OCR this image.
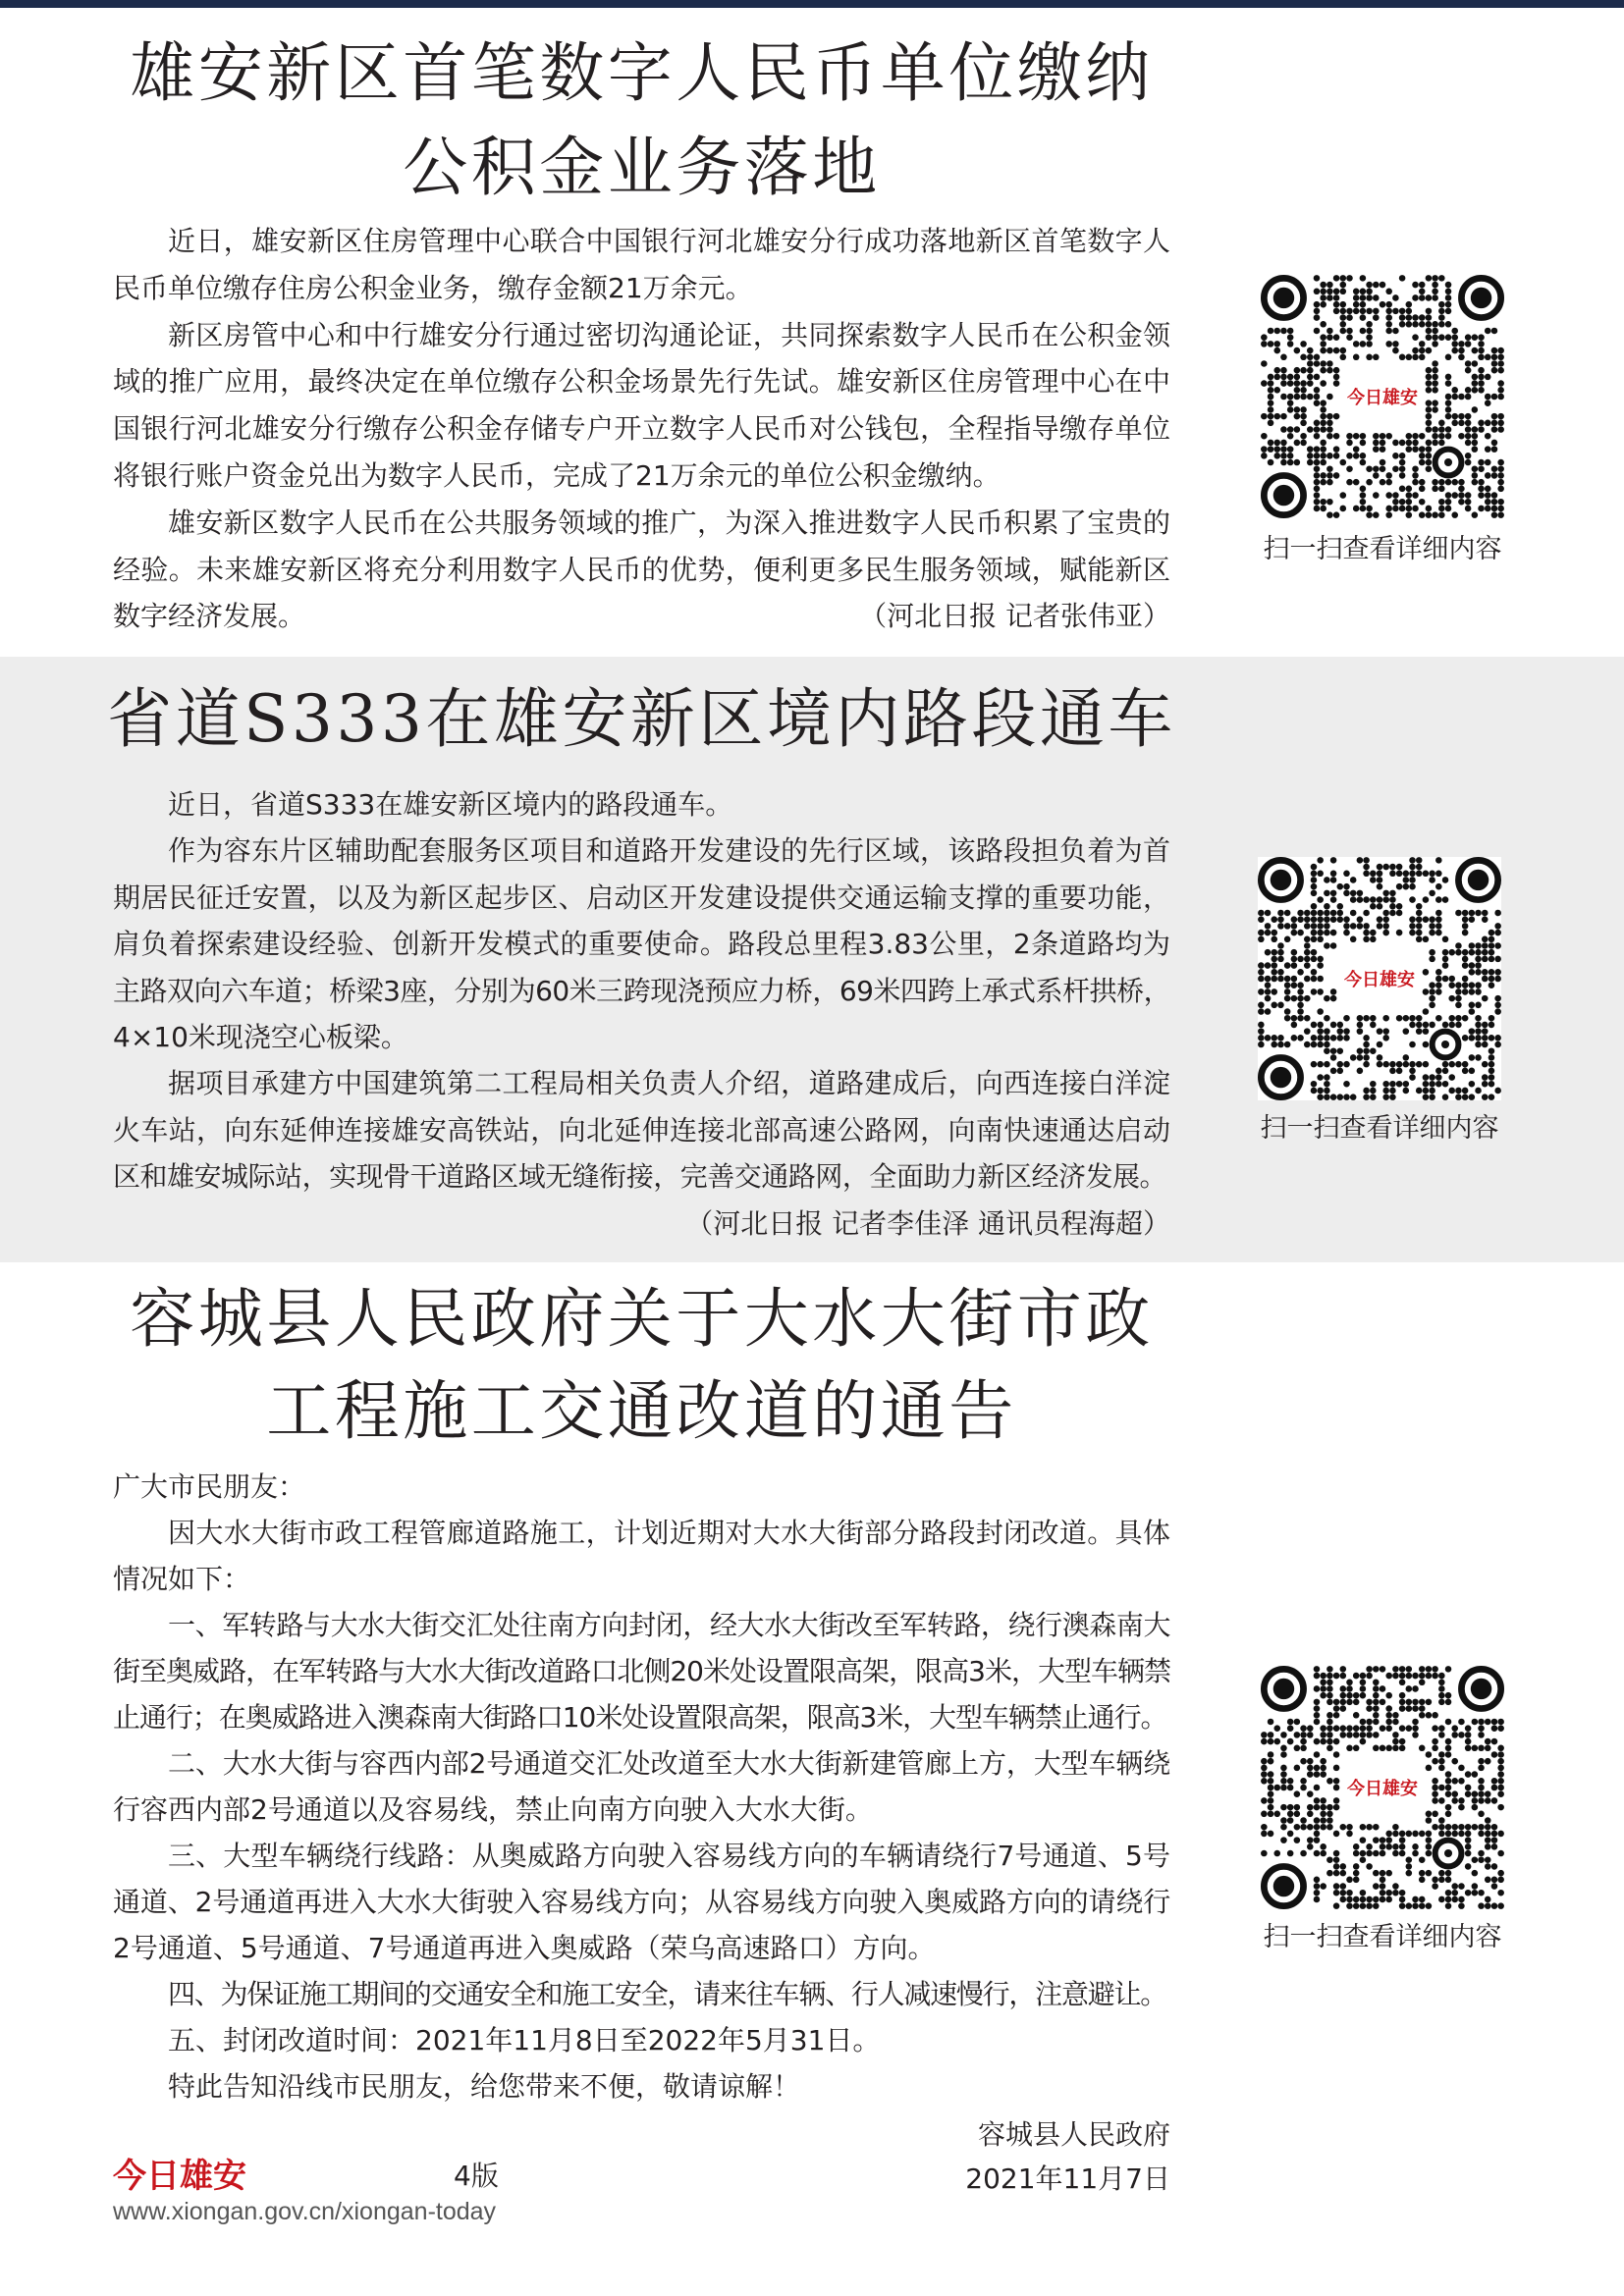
雄安新区首笔数字人民币单位缴纳
公积金业务落地
近日，雄安新区住房管理中心联合中国银行河北雄安分行成功落地新区首笔数字人
民币单位缴存住房公积金业务，缴存金额21万余元。
新区房管中心和中行雄安分行通过密切沟通论证，共同探索数字人民币在公积金领
域的推广应用，最终决定在单位缴存公积金场景先行先试。雄安新区住房管理中心在中
国银行河北雄安分行缴存公积金存储专户开立数字人民币对公钱包，全程指导缴存单位
将银行账户资金兑出为数字人民币，完成了21万余元的单位公积金缴纳。
雄安新区数字人民币在公共服务领域的推广，为深入推进数字人民币积累了宝贵的
经验。未来雄安新区将充分利用数字人民币的优势，便利更多民生服务领域，赋能新区
数字经济发展。	（河北日报 记者张伟亚）
今日雄安
扫一扫查看详细内容
省道S333在雄安新区境内路段通车
近日，省道S333在雄安新区境内的路段通车。
作为容东片区辅助配套服务区项目和道路开发建设的先行区域，该路段担负着为首
期居民征迁安置，以及为新区起步区、启动区开发建设提供交通运输支撑的重要功能，
肩负着探索建设经验、创新开发模式的重要使命。路段总里程3.83公里，2条道路均为
主路双向六车道；桥梁3座，分别为60米三跨现浇预应力桥，69米四跨上承式系杆拱桥，
4×10米现浇空心板梁。
据项目承建方中国建筑第二工程局相关负责人介绍，道路建成后，向西连接白洋淀
火车站，向东延伸连接雄安高铁站，向北延伸连接北部高速公路网，向南快速通达启动
区和雄安城际站，实现骨干道路区域无缝衔接，完善交通路网，全面助力新区经济发展。
（河北日报 记者李佳泽 通讯员程海超）
今日雄安
扫一扫查看详细内容
容城县人民政府关于大水大街市政
工程施工交通改道的通告
广大市民朋友：
因大水大街市政工程管廊道路施工，计划近期对大水大街部分路段封闭改道。具体
情况如下：
一、军转路与大水大街交汇处往南方向封闭，经大水大街改至军转路，绕行澳森南大
街至奥威路，在军转路与大水大街改道路口北侧20米处设置限高架，限高3米，大型车辆禁
止通行；在奥威路进入澳森南大街路口10米处设置限高架，限高3米，大型车辆禁止通行。
二、大水大街与容西内部2号通道交汇处改道至大水大街新建管廊上方，大型车辆绕
行容西内部2号通道以及容易线，禁止向南方向驶入大水大街。
三、大型车辆绕行线路：从奥威路方向驶入容易线方向的车辆请绕行7号通道、5号
通道、2号通道再进入大水大街驶入容易线方向；从容易线方向驶入奥威路方向的请绕行
2号通道、5号通道、7号通道再进入奥威路（荣乌高速路口）方向。
四、为保证施工期间的交通安全和施工安全，请来往车辆、行人减速慢行，注意避让。
五、封闭改道时间：2021年11月8日至2022年5月31日。
特此告知沿线市民朋友，给您带来不便，敬请谅解！
容城县人民政府
2021年11月7日
今日雄安
扫一扫查看详细内容
今日雄安	4版
www.xiongan.gov.cn/xiongan-today
